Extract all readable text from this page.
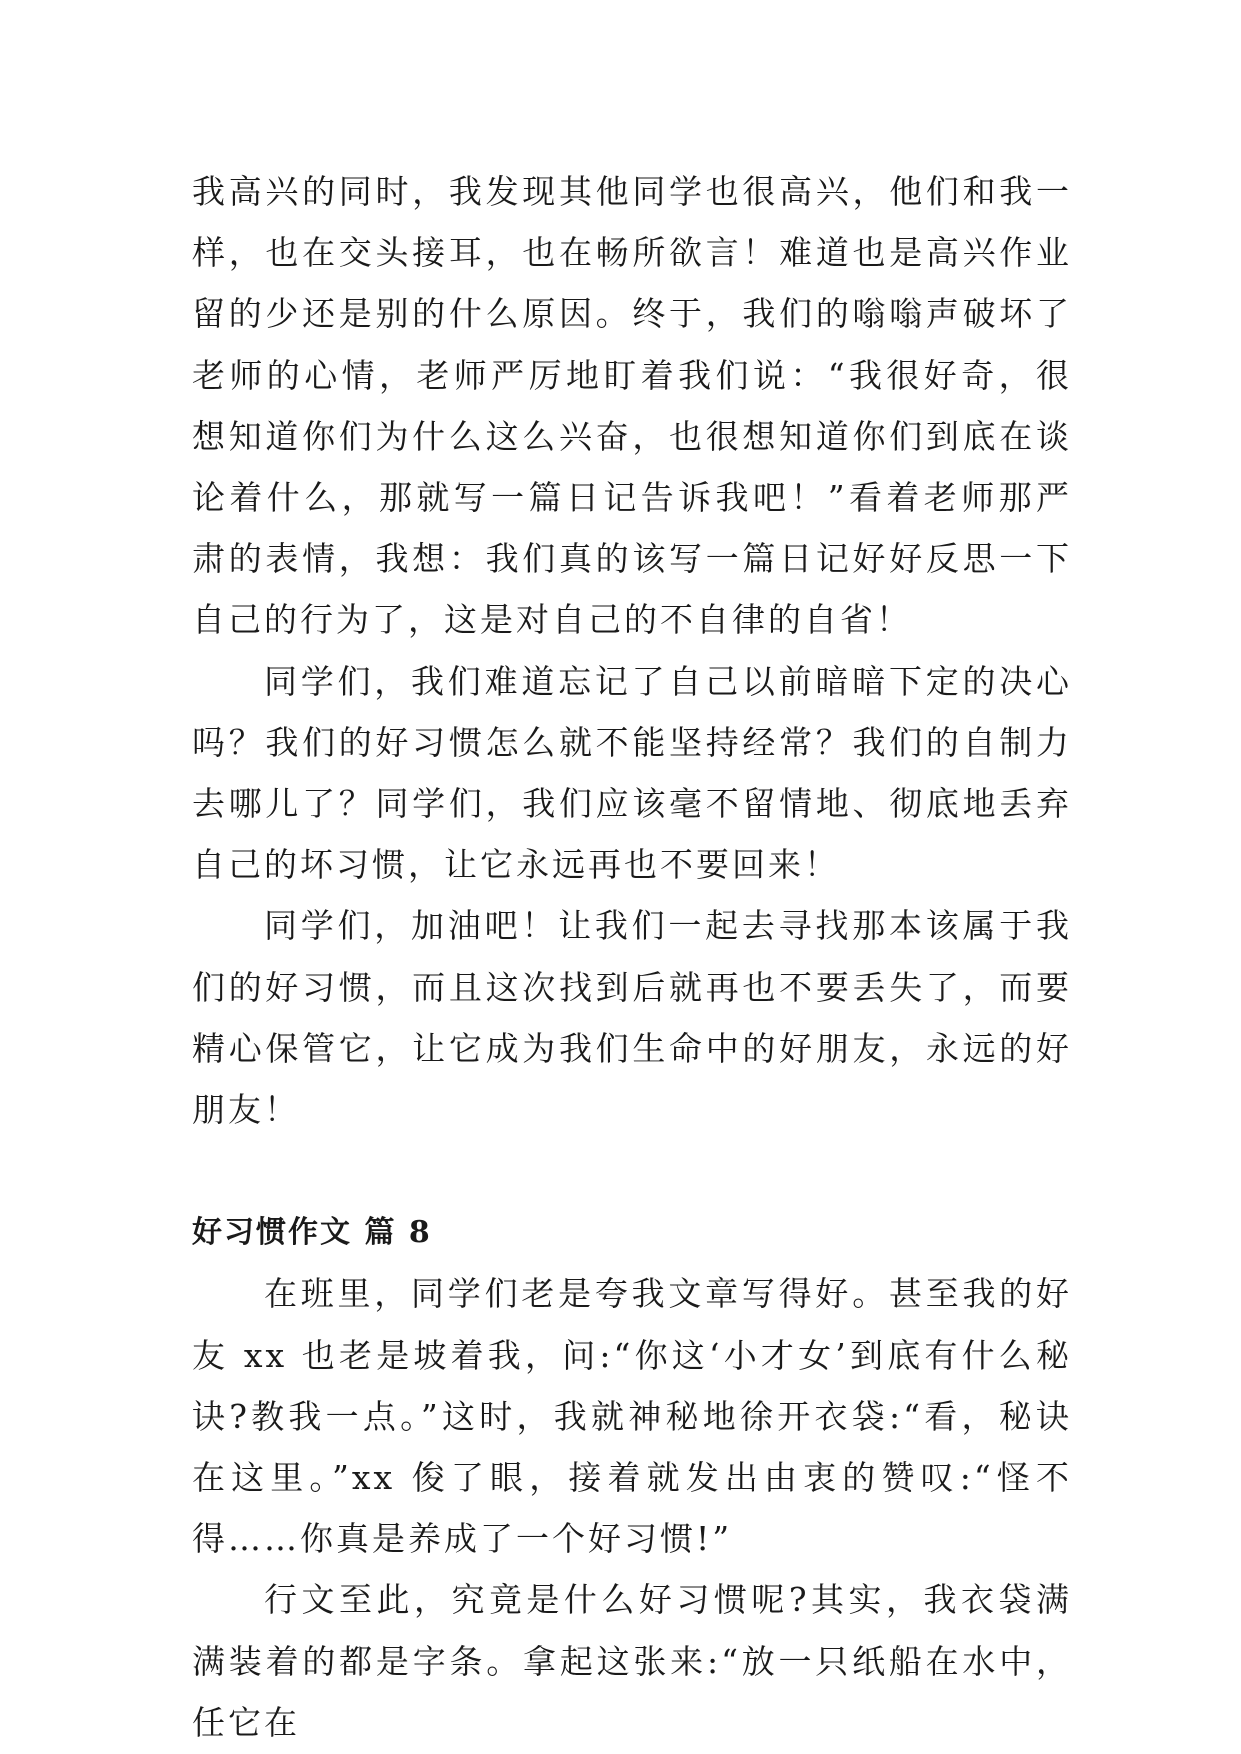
我高兴的同时，我发现其他同学也很高兴，他们和我一样，也在交头接耳，也在畅所欲言！难道也是高兴作业留的少还是别的什么原因。终于，我们的嗡嗡声破坏了老师的心情，老师严厉地盯着我们说：“我很好奇，很想知道你们为什么这么兴奋，也很想知道你们到底在谈论着什么，那就写一篇日记告诉我吧！”看着老师那严肃的表情，我想：我们真的该写一篇日记好好反思一下自己的行为了，这是对自己的不自律的自省！

同学们，我们难道忘记了自己以前暗暗下定的决心吗？我们的好习惯怎么就不能坚持经常？我们的自制力去哪儿了？同学们，我们应该毫不留情地、彻底地丢弃自己的坏习惯，让它永远再也不要回来！

同学们，加油吧！让我们一起去寻找那本该属于我们的好习惯，而且这次找到后就再也不要丢失了，而要精心保管它，让它成为我们生命中的好朋友，永远的好朋友！

好习惯作文 篇 8

在班里，同学们老是夸我文章写得好。甚至我的好友 xx 也老是坡着我，问:“你这‘小才女’到底有什么秘诀?教我一点。”这时，我就神秘地徐开衣袋:“看，秘诀在这里。”xx 俊了眼，接着就发出由衷的赞叹:“怪不得……你真是养成了一个好习惯!”

行文至此，究竟是什么好习惯呢?其实，我衣袋满满装着的都是字条。拿起这张来:“放一只纸船在水中，任它在
